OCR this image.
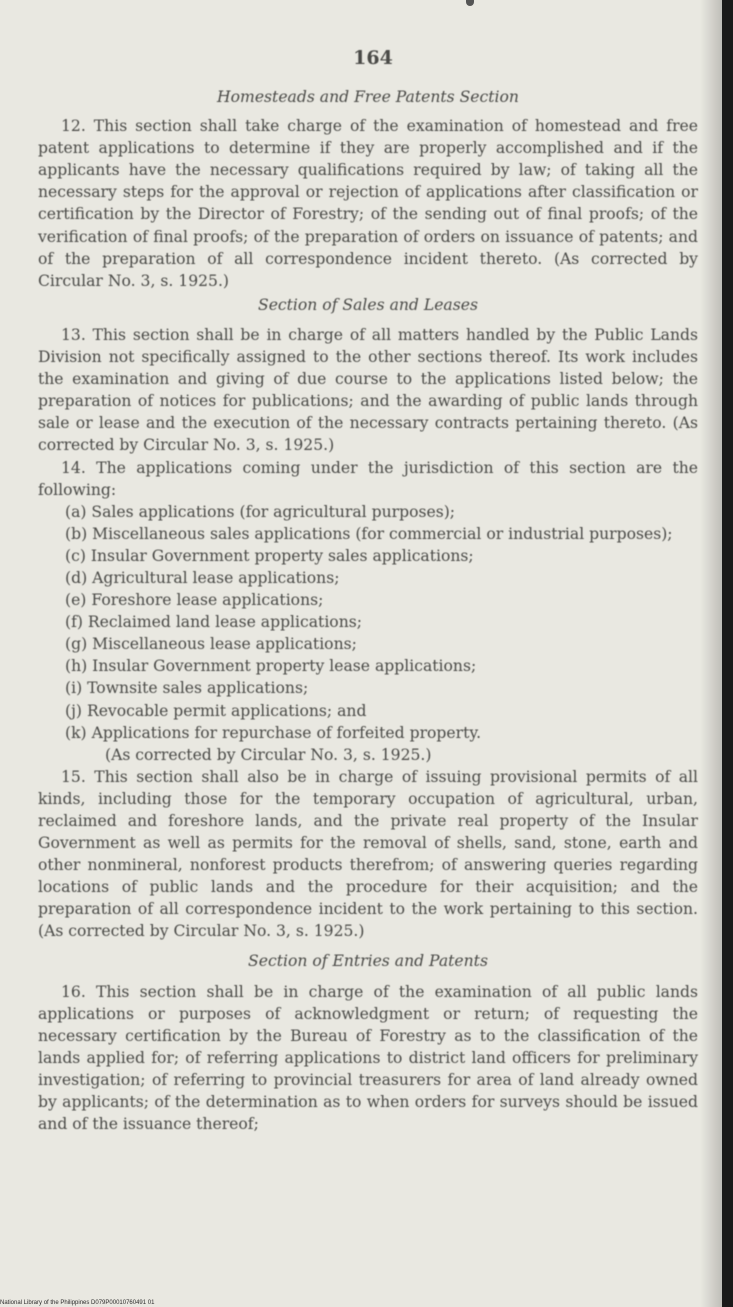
164
Homesteads and Free Patents Section

12. This section shall take charge of the examination of homestead and free patent applications to determine if they are properly accomplished and if the applicants have the necessary qualifications required by law; of taking all the necessary steps for the approval or rejection of applications after classification or certification by the Director of Forestry; of the sending out of final proofs; of the verification of final proofs; of the preparation of orders on issuance of patents; and of the preparation of all correspondence incident thereto. (As corrected by Circular No. 3, s. 1925.)

Section of Sales and Leases

13. This section shall be in charge of all matters handled by the Public Lands Division not specifically assigned to the other sections thereof. Its work includes the examination and giving of due course to the applications listed below; the preparation of notices for publications; and the awarding of public lands through sale or lease and the execution of the necessary contracts pertaining thereto. (As corrected by Circular No. 3, s. 1925.)

14. The applications coming under the jurisdiction of this section are the following:

(a) Sales applications (for agricultural purposes);
(b) Miscellaneous sales applications (for commercial or industrial purposes);
(c) Insular Government property sales applications;
(d) Agricultural lease applications;
(e) Foreshore lease applications;
(f) Reclaimed land lease applications;
(g) Miscellaneous lease applications;
(h) Insular Government property lease applications;
(i) Townsite sales applications;
(j) Revocable permit applications; and
(k) Applications for repurchase of forfeited property.
(As corrected by Circular No. 3, s. 1925.)

15. This section shall also be in charge of issuing provisional permits of all kinds, including those for the temporary occupation of agricultural, urban, reclaimed and foreshore lands, and the private real property of the Insular Government as well as permits for the removal of shells, sand, stone, earth and other nonmineral, nonforest products therefrom; of answering queries regarding locations of public lands and the procedure for their acquisition; and the preparation of all correspondence incident to the work pertaining to this section. (As corrected by Circular No. 3, s. 1925.)

Section of Entries and Patents

16. This section shall be in charge of the examination of all public lands applications or purposes of acknowledgment or return; of requesting the necessary certification by the Bureau of Forestry as to the classification of the lands applied for; of referring applications to district land officers for preliminary investigation; of referring to provincial treasurers for area of land already owned by applicants; of the determination as to when orders for surveys should be issued and of the issuance thereof;

National Library of the Philippines D079P00010760491 01
